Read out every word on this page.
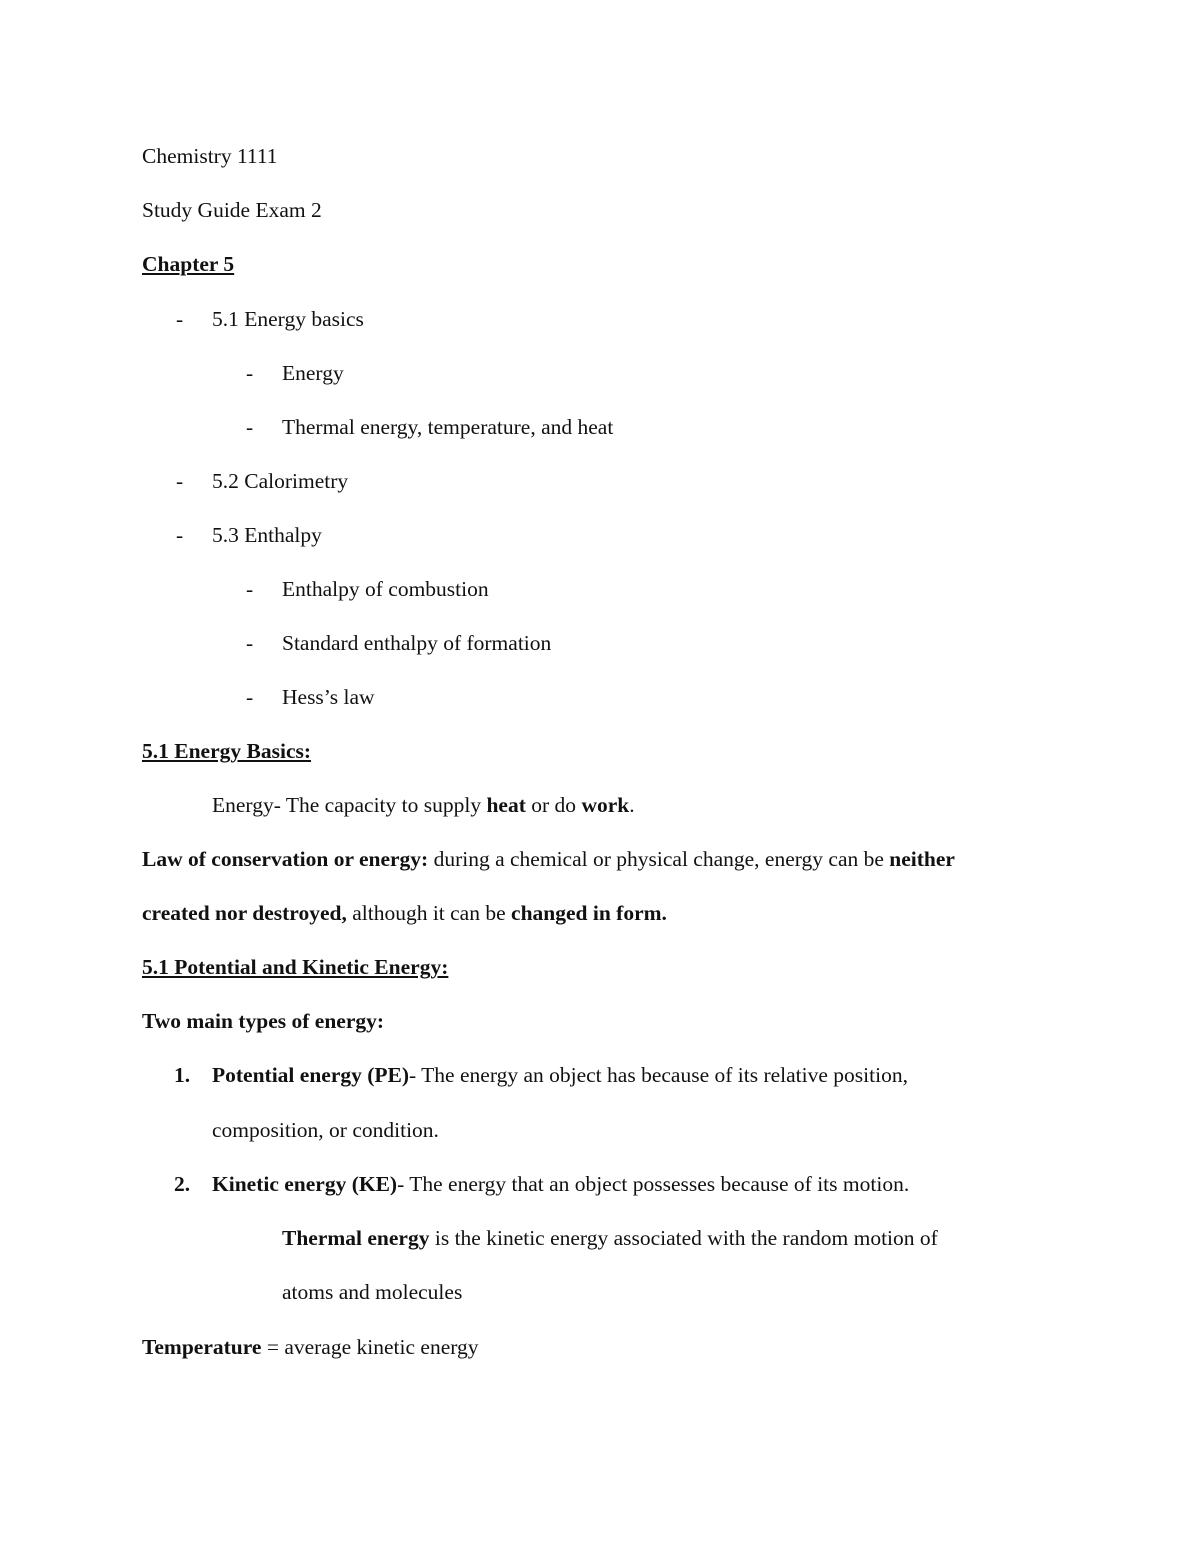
Chemistry 1111
Study Guide Exam 2
Chapter 5
- 5.1 Energy basics
- Energy
- Thermal energy, temperature, and heat
- 5.2 Calorimetry
- 5.3 Enthalpy
- Enthalpy of combustion
- Standard enthalpy of formation
- Hess’s law
5.1 Energy Basics:
Energy- The capacity to supply heat or do work.
Law of conservation or energy: during a chemical or physical change, energy can be neither
created nor destroyed, although it can be changed in form.
5.1 Potential and Kinetic Energy:
Two main types of energy:
1. Potential energy (PE)- The energy an object has because of its relative position,
composition, or condition.
2. Kinetic energy (KE)- The energy that an object possesses because of its motion.
Thermal energy is the kinetic energy associated with the random motion of
atoms and molecules
Temperature = average kinetic energy
